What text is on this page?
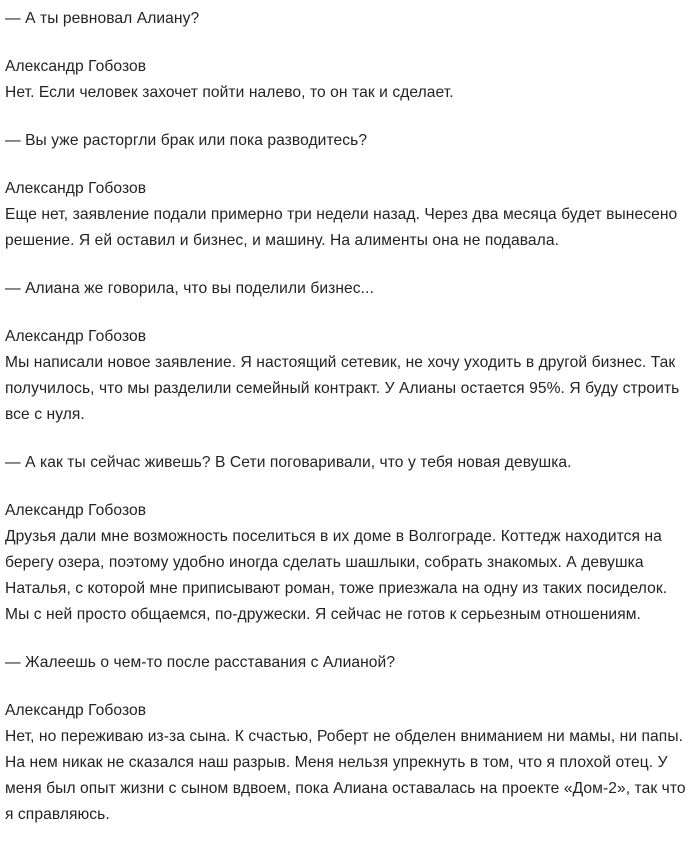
— А ты ревновал Алиану?

Александр Гобозов

Нет. Если человек захочет пойти налево, то он так и сделает.

— Вы уже расторгли брак или пока разводитесь?

Александр Гобозов

Еще нет, заявление подали примерно три недели назад. Через два месяца будет вынесено решение. Я ей оставил и бизнес, и машину. На алименты она не подавала.

— Алиана же говорила, что вы поделили бизнес...

Александр Гобозов

Мы написали новое заявление. Я настоящий сетевик, не хочу уходить в другой бизнес. Так получилось, что мы разделили семейный контракт. У Алианы остается 95%. Я буду строить все с нуля.

— А как ты сейчас живешь? В Сети поговаривали, что у тебя новая девушка.

Александр Гобозов

Друзья дали мне возможность поселиться в их доме в Волгограде. Коттедж находится на берегу озера, поэтому удобно иногда сделать шашлыки, собрать знакомых. А девушка Наталья, с которой мне приписывают роман, тоже приезжала на одну из таких посиделок. Мы с ней просто общаемся, по-дружески. Я сейчас не готов к серьезным отношениям.

— Жалеешь о чем-то после расставания с Алианой?

Александр Гобозов

Нет, но переживаю из-за сына. К счастью, Роберт не обделен вниманием ни мамы, ни папы. На нем никак не сказался наш разрыв. Меня нельзя упрекнуть в том, что я плохой отец. У меня был опыт жизни с сыном вдвоем, пока Алиана оставалась на проекте «Дом-2», так что я справляюсь.
